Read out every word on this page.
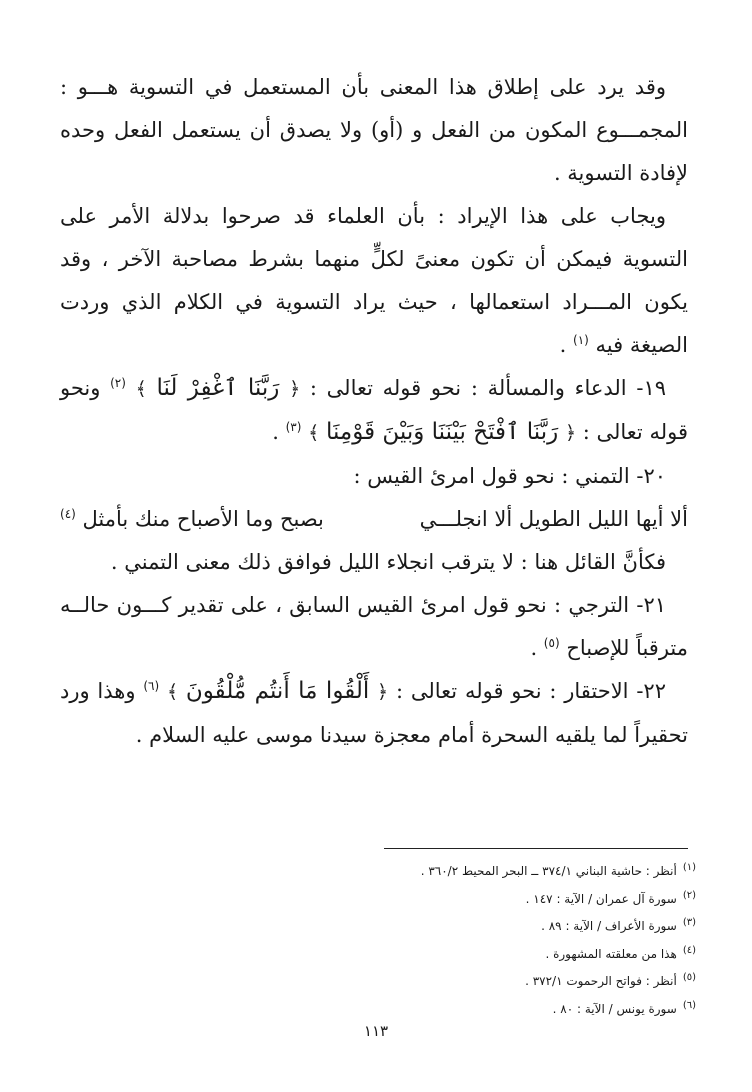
وقد يرد على إطلاق هذا المعنى بأن المستعمل في التسوية هـــو : المجمـــوع المكون من الفعل و (أو) ولا يصدق أن يستعمل الفعل وحده لإفادة التسوية .

ويجاب على هذا الإيراد : بأن العلماء قد صرحوا بدلالة الأمر على التسوية فيمكن أن تكون معنىً لكلٍّ منهما بشرط مصاحبة الآخر ، وقد يكون المـــراد استعمالها ، حيث يراد التسوية في الكلام الذي وردت الصيغة فيه $^{(١)}$ .

١٩- الدعاء والمسألة : نحو قوله تعالى : ﴿ رَبَّنَا ٱغْفِرْ لَنَا ﴾ $^{(٢)}$ ونحو قوله تعالى : ﴿ رَبَّنَا ٱفْتَحْ بَيْنَنَا وَبَيْنَ قَوْمِنَا ﴾ $^{(٣)}$ .

٢٠- التمني : نحو قول امرئ القيس :

ألا أيها الليل الطويل ألا انجلـــي
بصبح وما الأصباح منك بأمثل $^{(٤)}$

فكأنَّ القائل هنا : لا يترقب انجلاء الليل فوافق ذلك معنى التمني .

٢١- الترجي : نحو قول امرئ القيس السابق ، على تقدير كـــون حالــه مترقباً للإصباح $^{(٥)}$ .

٢٢- الاحتقار : نحو قوله تعالى : ﴿ أَلْقُوا مَا أَنتُم مُّلْقُونَ ﴾ $^{(٦)}$ وهذا ورد تحقيراً لما يلقيه السحرة أمام معجزة سيدنا موسى عليه السلام .

$^{(١)}$أنظر : حاشية البناني ٣٧٤/١ ــ البحر المحيط ٣٦٠/٢ .

$^{(٢)}$سورة آل عمران / الآية : ١٤٧ .

$^{(٣)}$سورة الأعراف / الآية : ٨٩ .

$^{(٤)}$هذا من معلقته المشهورة .

$^{(٥)}$أنظر : فواتح الرحموت ٣٧٢/١ .

$^{(٦)}$سورة يونس / الآية : ٨٠ .

١١٣
